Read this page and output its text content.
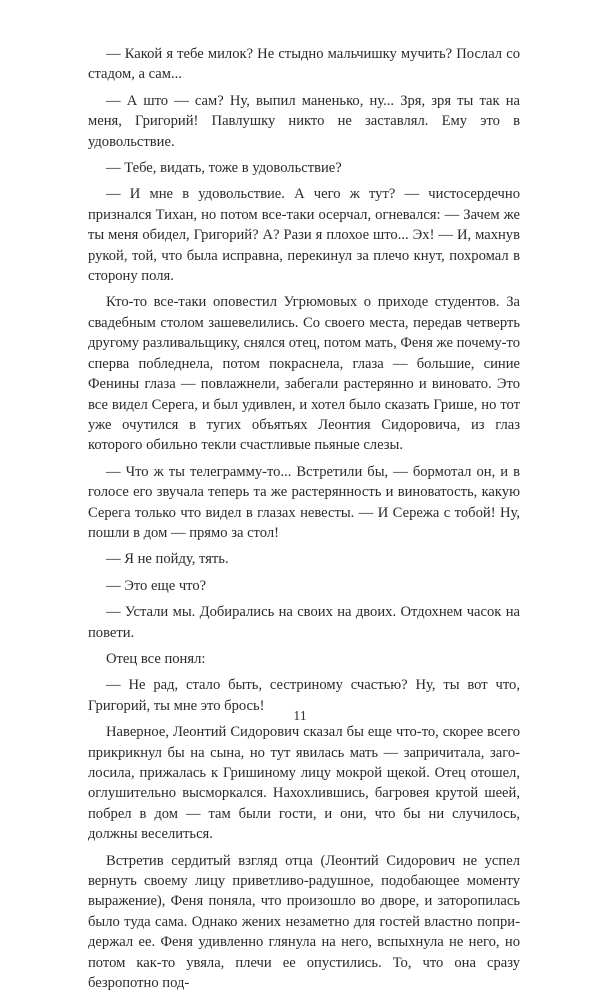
— Какой я тебе милок? Не стыдно мальчишку мучить? Послал со стадом, а сам...

— А што — сам? Ну, выпил маненько, ну... Зря, зря ты так на меня, Григорий! Павлушку никто не заставлял. Ему это в удовольствие.

— Тебе, видать, тоже в удовольствие?

— И мне в удовольствие. А чего ж тут? — чистосердечно признался Тихан, но потом все-таки осерчал, огневался: — Зачем же ты меня обидел, Григорий? А? Рази я плохое што... Эх! — И, махнув рукой, той, что была исправна, перекинул за плечо кнут, похромал в сторону поля.

Кто-то все-таки оповестил Угрюмовых о приходе студентов. За свадебным столом зашевелились. Со своего места, передав четверть другому разливальщику, снялся отец, потом мать, Феня же почему-то сперва побледнела, потом покраснела, глаза — большие, синие Фенины глаза — повлажнели, забегали растерянно и виновато. Это все видел Серега, и был удивлен, и хотел было сказать Грише, но тот уже очутился в тугих объятьях Леонтия Сидоровича, из глаз которого обильно текли счастливые пьяные слезы.

— Что ж ты телеграмму-то... Встретили бы, — бормотал он, и в голосе его звучала теперь та же растерянность и виноватость, какую Серега только что видел в глазах невесты. — И Сережа с тобой! Ну, пошли в дом — прямо за стол!

— Я не пойду, тять.

— Это еще что?

— Устали мы. Добирались на своих на двоих. Отдохнем часок на повети.

Отец все понял:

— Не рад, стало быть, сестриному счастью? Ну, ты вот что, Григорий, ты мне это брось!

Наверное, Леонтий Сидорович сказал бы еще что-то, скорее всего прикрикнул бы на сына, но тут явилась мать — запричитала, заголосила, прижалась к Гришиному лицу мокрой щекой. Отец отошел, оглушительно высморкался. Нахохлившись, багровея крутой шеей, побрел в дом — там были гости, и они, что бы ни случилось, должны веселиться.

Встретив сердитый взгляд отца (Леонтий Сидорович не успел вернуть своему лицу приветливо-радушное, подобающее моменту выражение), Феня поняла, что произошло во дворе, и заторопилась было туда сама. Однако жених незаметно для гостей властно попридержал ее. Феня удивленно глянула на него, вспыхнула не него, но потом как-то увяла, плечи ее опустились. То, что она сразу безропотно под-

11
